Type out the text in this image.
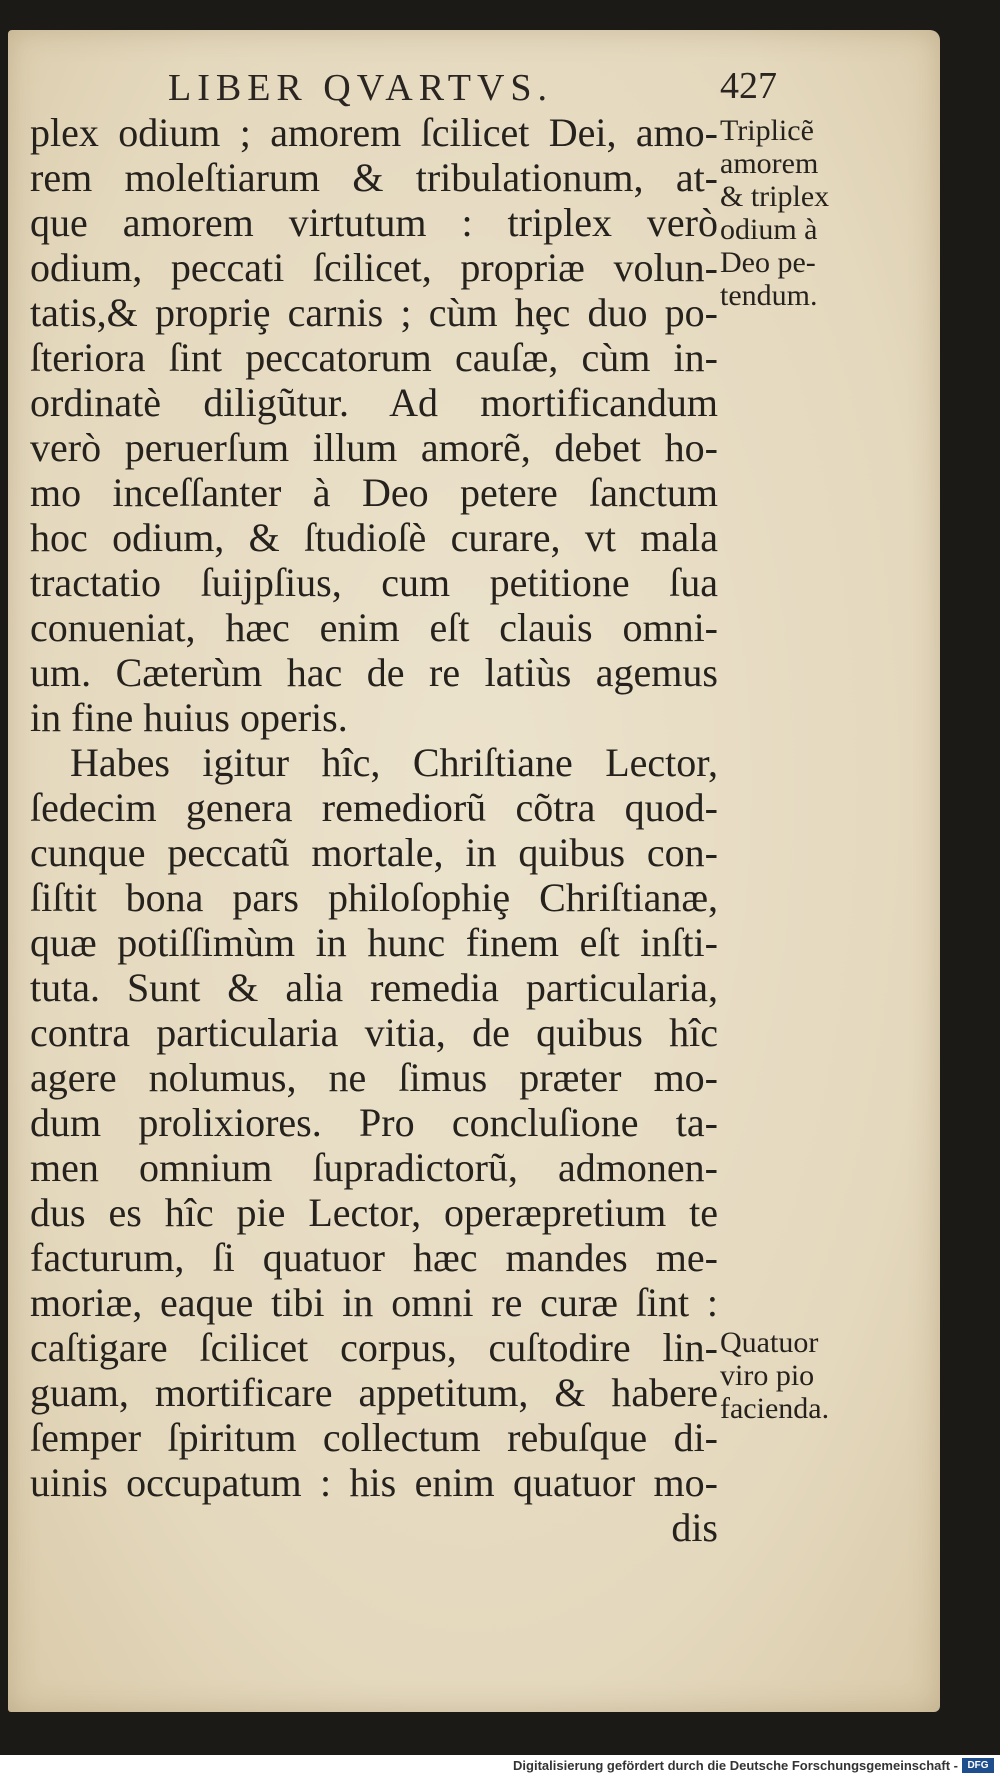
LIBER QVARTVS.	427
plex odium ; amorem ſcilicet Dei, amo-
rem moleſtiarum & tribulationum, at-
que amorem virtutum : triplex verò
odium, peccati ſcilicet, propriæ volun-
tatis,& propriȩ carnis ; cùm hȩc duo po-
ſteriora ſint peccatorum cauſæ, cùm in-
ordinatè diligũtur. Ad mortificandum
verò peruerſum illum amorẽ, debet ho-
mo inceſſanter à Deo petere ſanctum
hoc odium, & ſtudioſè curare, vt mala
tractatio ſuijpſius, cum petitione ſua
conueniat, hæc enim eſt clauis omni-
um. Cæterùm hac de re latiùs agemus
in fine huius operis.
Habes igitur hîc, Chriſtiane Lector,
ſedecim genera remediorũ cõtra quod-
cunque peccatũ mortale, in quibus con-
ſiſtit bona pars philoſophiȩ Chriſtianæ,
quæ potiſſimùm in hunc finem eſt inſti-
tuta. Sunt & alia remedia particularia,
contra particularia vitia, de quibus hîc
agere nolumus, ne ſimus præter mo-
dum prolixiores. Pro concluſione ta-
men omnium ſupradictorũ, admonen-
dus es hîc pie Lector, operæpretium te
facturum, ſi quatuor hæc mandes me-
moriæ, eaque tibi in omni re curæ ſint :
caſtigare ſcilicet corpus, cuſtodire lin-
guam, mortificare appetitum, & habere
ſemper ſpiritum collectum rebuſque di-
uinis occupatum : his enim quatuor mo-
dis
Triplicẽ
amorem
& triplex
odium à
Deo pe-
tendum.
Quatuor
viro pio
facienda.
Digitalisierung gefördert durch die Deutsche Forschungsgemeinschaft - DFG
